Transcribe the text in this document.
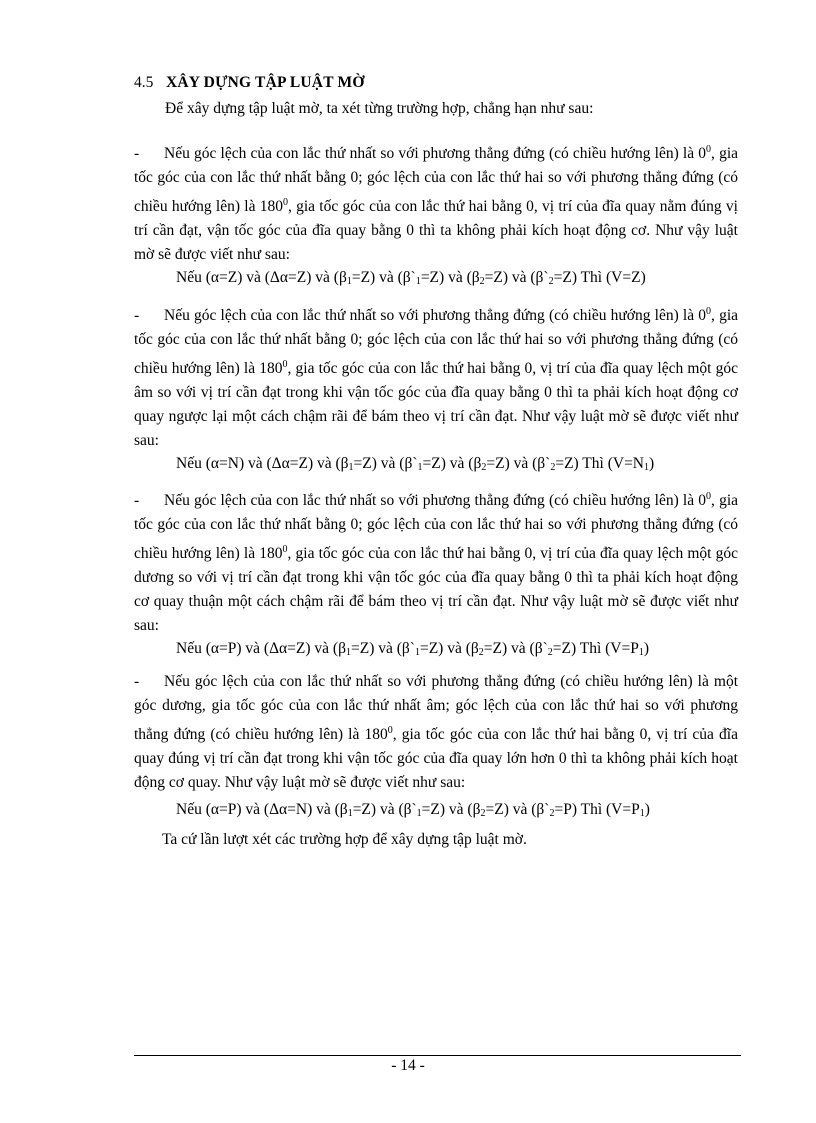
4.5 XÂY DỰNG TẬP LUẬT MỜ
Để xây dựng tập luật mờ, ta xét từng trường hợp, chẳng hạn như sau:
- Nếu góc lệch của con lắc thứ nhất so với phương thẳng đứng (có chiều hướng lên) là $0^0$, gia tốc góc của con lắc thứ nhất bằng 0; góc lệch của con lắc thứ hai so với phương thẳng đứng (có chiều hướng lên) là $180^0$, gia tốc góc của con lắc thứ hai bằng 0, vị trí của đĩa quay nằm đúng vị trí cần đạt, vận tốc góc của đĩa quay bằng 0 thì ta không phải kích hoạt động cơ. Như vậy luật mờ sẽ được viết như sau:
Nếu (α=Z) và (Δα=Z) và $(\beta_1=Z)$ và $(\beta`_1=Z)$ và $(\beta_2=Z)$ và $(\beta`_2=Z)$ Thì (V=Z)
- Nếu góc lệch của con lắc thứ nhất so với phương thẳng đứng (có chiều hướng lên) là $0^0$, gia tốc góc của con lắc thứ nhất bằng 0; góc lệch của con lắc thứ hai so với phương thẳng đứng (có chiều hướng lên) là $180^0$, gia tốc góc của con lắc thứ hai bằng 0, vị trí của đĩa quay lệch một góc âm so với vị trí cần đạt trong khi vận tốc góc của đĩa quay bằng 0 thì ta phải kích hoạt động cơ quay ngược lại một cách chậm rãi để bám theo vị trí cần đạt. Như vậy luật mờ sẽ được viết như sau:
Nếu (α=N) và (Δα=Z) và $(\beta_1=Z)$ và $(\beta`_1=Z)$ và $(\beta_2=Z)$ và $(\beta`_2=Z)$ Thì $(V=N_1)$
- Nếu góc lệch của con lắc thứ nhất so với phương thẳng đứng (có chiều hướng lên) là $0^0$, gia tốc góc của con lắc thứ nhất bằng 0; góc lệch của con lắc thứ hai so với phương thẳng đứng (có chiều hướng lên) là $180^0$, gia tốc góc của con lắc thứ hai bằng 0, vị trí của đĩa quay lệch một góc dương so với vị trí cần đạt trong khi vận tốc góc của đĩa quay bằng 0 thì ta phải kích hoạt động cơ quay thuận một cách chậm rãi để bám theo vị trí cần đạt. Như vậy luật mờ sẽ được viết như sau:
Nếu (α=P) và (Δα=Z) và $(\beta_1=Z)$ và $(\beta`_1=Z)$ và $(\beta_2=Z)$ và $(\beta`_2=Z)$ Thì $(V=P_1)$
- Nếu góc lệch của con lắc thứ nhất so với phương thẳng đứng (có chiều hướng lên) là một góc dương, gia tốc góc của con lắc thứ nhất âm; góc lệch của con lắc thứ hai so với phương thẳng đứng (có chiều hướng lên) là $180^0$, gia tốc góc của con lắc thứ hai bằng 0, vị trí của đĩa quay đúng vị trí cần đạt trong khi vận tốc góc của đĩa quay lớn hơn 0 thì ta không phải kích hoạt động cơ quay. Như vậy luật mờ sẽ được viết như sau:
Nếu (α=P) và (Δα=N) và $(\beta_1=Z)$ và $(\beta`_1=Z)$ và $(\beta_2=Z)$ và $(\beta`_2=P)$ Thì $(V=P_1)$
Ta cứ lần lượt xét các trường hợp để xây dựng tập luật mờ.
- 14 -
